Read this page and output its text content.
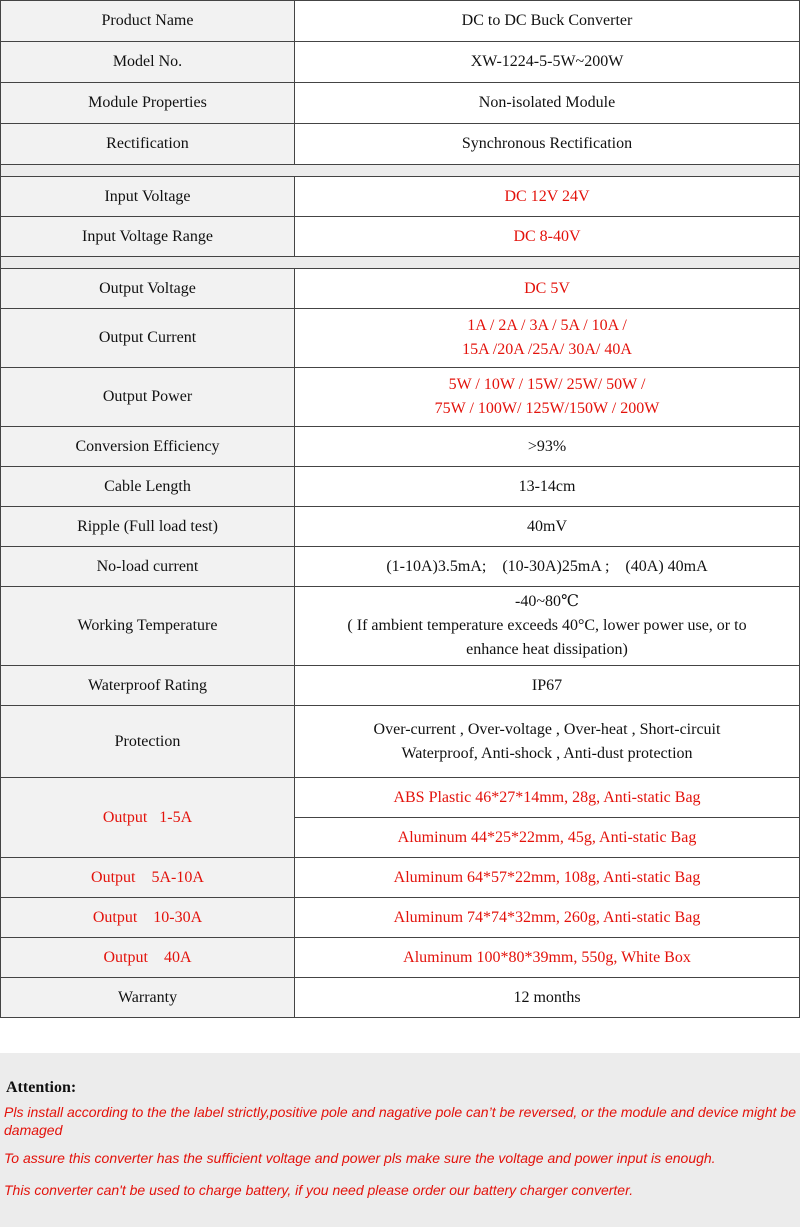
Product Name	DC to DC Buck Converter
Model No.	XW-1224-5-5W~200W
Module Properties	Non-isolated Module
Rectification	Synchronous Rectification

Input Voltage	DC 12V 24V
Input Voltage Range	DC 8-40V

Output Voltage	DC 5V
Output Current	1A / 2A / 3A / 5A / 10A /
15A /20A /25A/ 30A/ 40A

Output Power	5W / 10W / 15W/ 25W/ 50W /
75W / 100W/ 125W/150W / 200W

Conversion Efficiency	>93%
Cable Length	13-14cm
Ripple (Full load test)	40mV
No-load current	(1-10A)3.5mA;    (10-30A)25mA ;    (40A) 40mA
Working Temperature	-40~80℃
( If ambient temperature exceeds 40°C, lower power use, or to
enhance heat dissipation)

Waterproof Rating	IP67
Protection	Over-current , Over-voltage , Over-heat , Short-circuit
Waterproof, Anti-shock , Anti-dust protection

Output   1-5A	ABS Plastic 46*27*14mm, 28g, Anti-static Bag
	Aluminum 44*25*22mm, 45g, Anti-static Bag
Output    5A-10A	Aluminum 64*57*22mm, 108g, Anti-static Bag
Output    10-30A	Aluminum 74*74*32mm, 260g, Anti-static Bag
Output    40A	Aluminum 100*80*39mm, 550g, White Box
Warranty	12 months
Attention:

Pls install according to the the label strictly,positive pole and nagative pole can’t be reversed, or the module and device might be damaged

To assure this converter has the sufficient voltage and power pls make sure the voltage and power input is enough.

This converter can't be used to charge battery, if you need please order our battery charger converter.
